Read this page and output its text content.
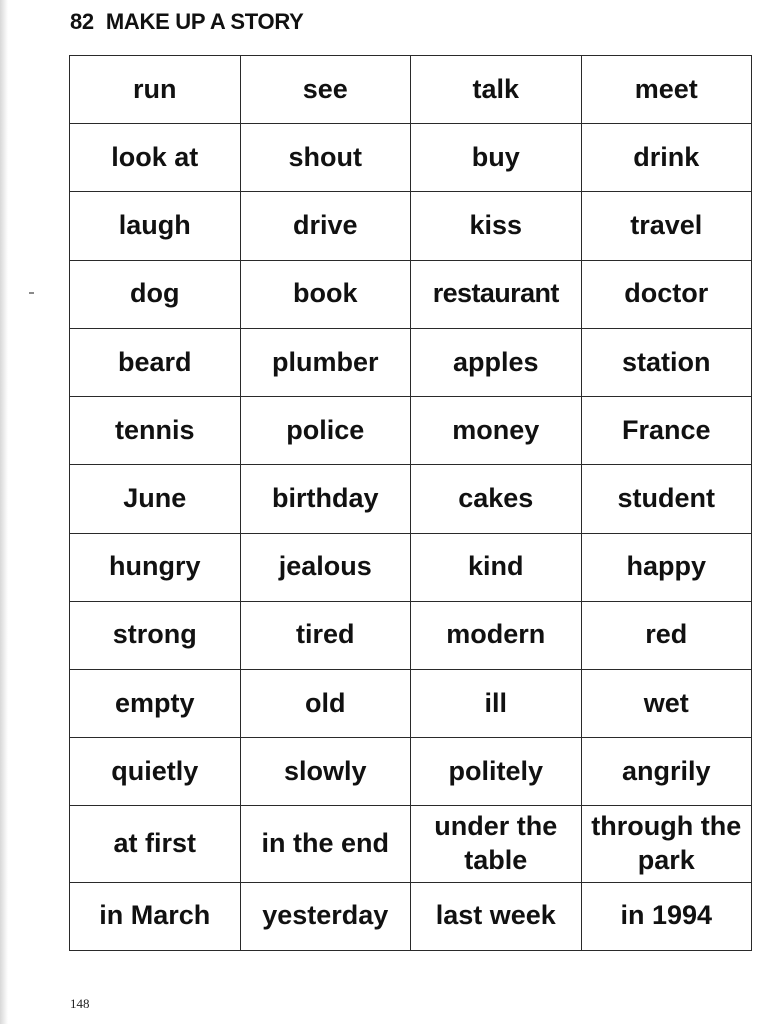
82 MAKE UP A STORY
run	see	talk	meet
look at	shout	buy	drink
laugh	drive	kiss	travel
dog	book	restaurant	doctor
beard	plumber	apples	station
tennis	police	money	France
June	birthday	cakes	student
hungry	jealous	kind	happy
strong	tired	modern	red
empty	old	ill	wet
quietly	slowly	politely	angrily
at first	in the end	under the table	through the park
in March	yesterday	last week	in 1994
148
